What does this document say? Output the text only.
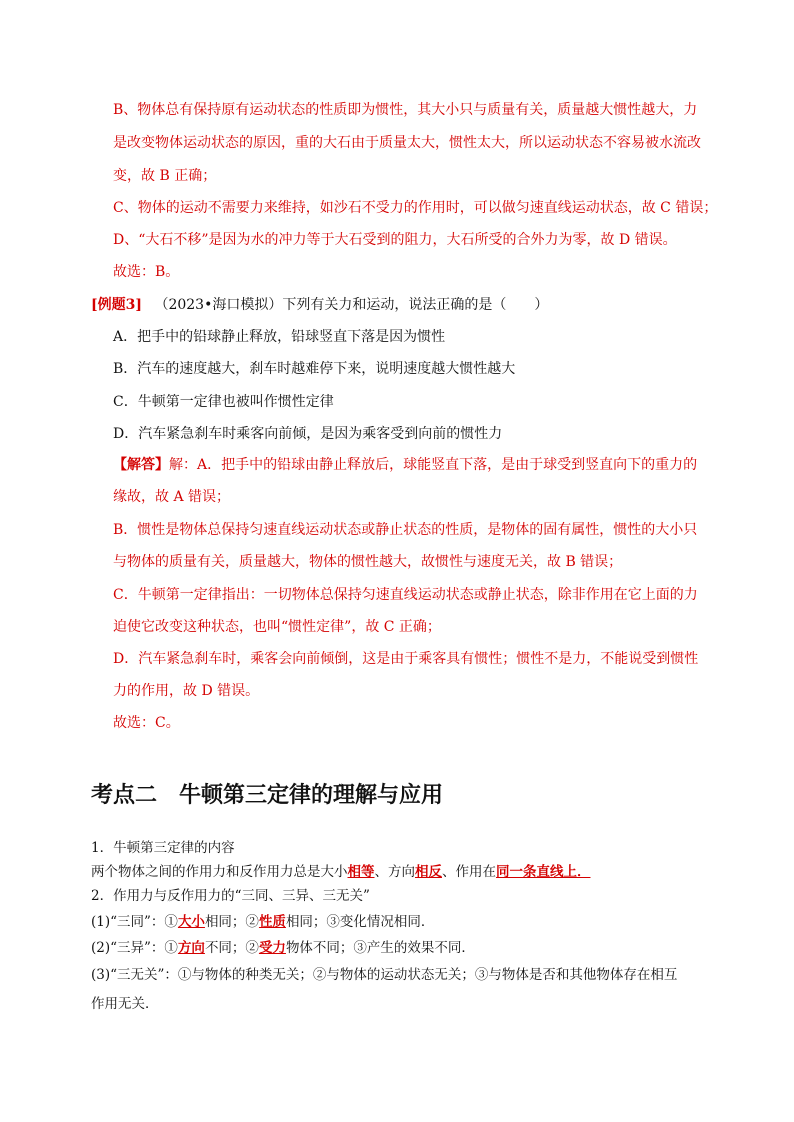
B、物体总有保持原有运动状态的性质即为惯性，其大小只与质量有关，质量越大惯性越大，力
是改变物体运动状态的原因，重的大石由于质量太大，惯性太大，所以运动状态不容易被水流改
变，故 B 正确；
C、物体的运动不需要力来维持，如沙石不受力的作用时，可以做匀速直线运动状态，故 C 错误；
D、“大石不移”是因为水的冲力等于大石受到的阻力，大石所受的合外力为零，故 D 错误。
故选：B。
[例题3] （2023•海口模拟）下列有关力和运动，说法正确的是（　　）
A．把手中的铅球静止释放，铅球竖直下落是因为惯性
B．汽车的速度越大，刹车时越难停下来，说明速度越大惯性越大
C．牛顿第一定律也被叫作惯性定律
D．汽车紧急刹车时乘客向前倾，是因为乘客受到向前的惯性力
【解答】解：A．把手中的铅球由静止释放后，球能竖直下落，是由于球受到竖直向下的重力的
缘故，故 A 错误；
B．惯性是物体总保持匀速直线运动状态或静止状态的性质，是物体的固有属性，惯性的大小只
与物体的质量有关，质量越大，物体的惯性越大，故惯性与速度无关，故 B 错误；
C．牛顿第一定律指出：一切物体总保持匀速直线运动状态或静止状态，除非作用在它上面的力
迫使它改变这种状态，也叫“惯性定律”，故 C 正确；
D．汽车紧急刹车时，乘客会向前倾倒，这是由于乘客具有惯性；惯性不是力，不能说受到惯性
力的作用，故 D 错误。
故选：C。
考点二 牛顿第三定律的理解与应用
1．牛顿第三定律的内容
两个物体之间的作用力和反作用力总是大小相等、方向相反、作用在同一条直线上．
2．作用力与反作用力的“三同、三异、三无关”
(1)“三同”：①大小相同；②性质相同；③变化情况相同．
(2)“三异”：①方向不同；②受力物体不同；③产生的效果不同．
(3)“三无关”：①与物体的种类无关；②与物体的运动状态无关；③与物体是否和其他物体存在相互
作用无关．
